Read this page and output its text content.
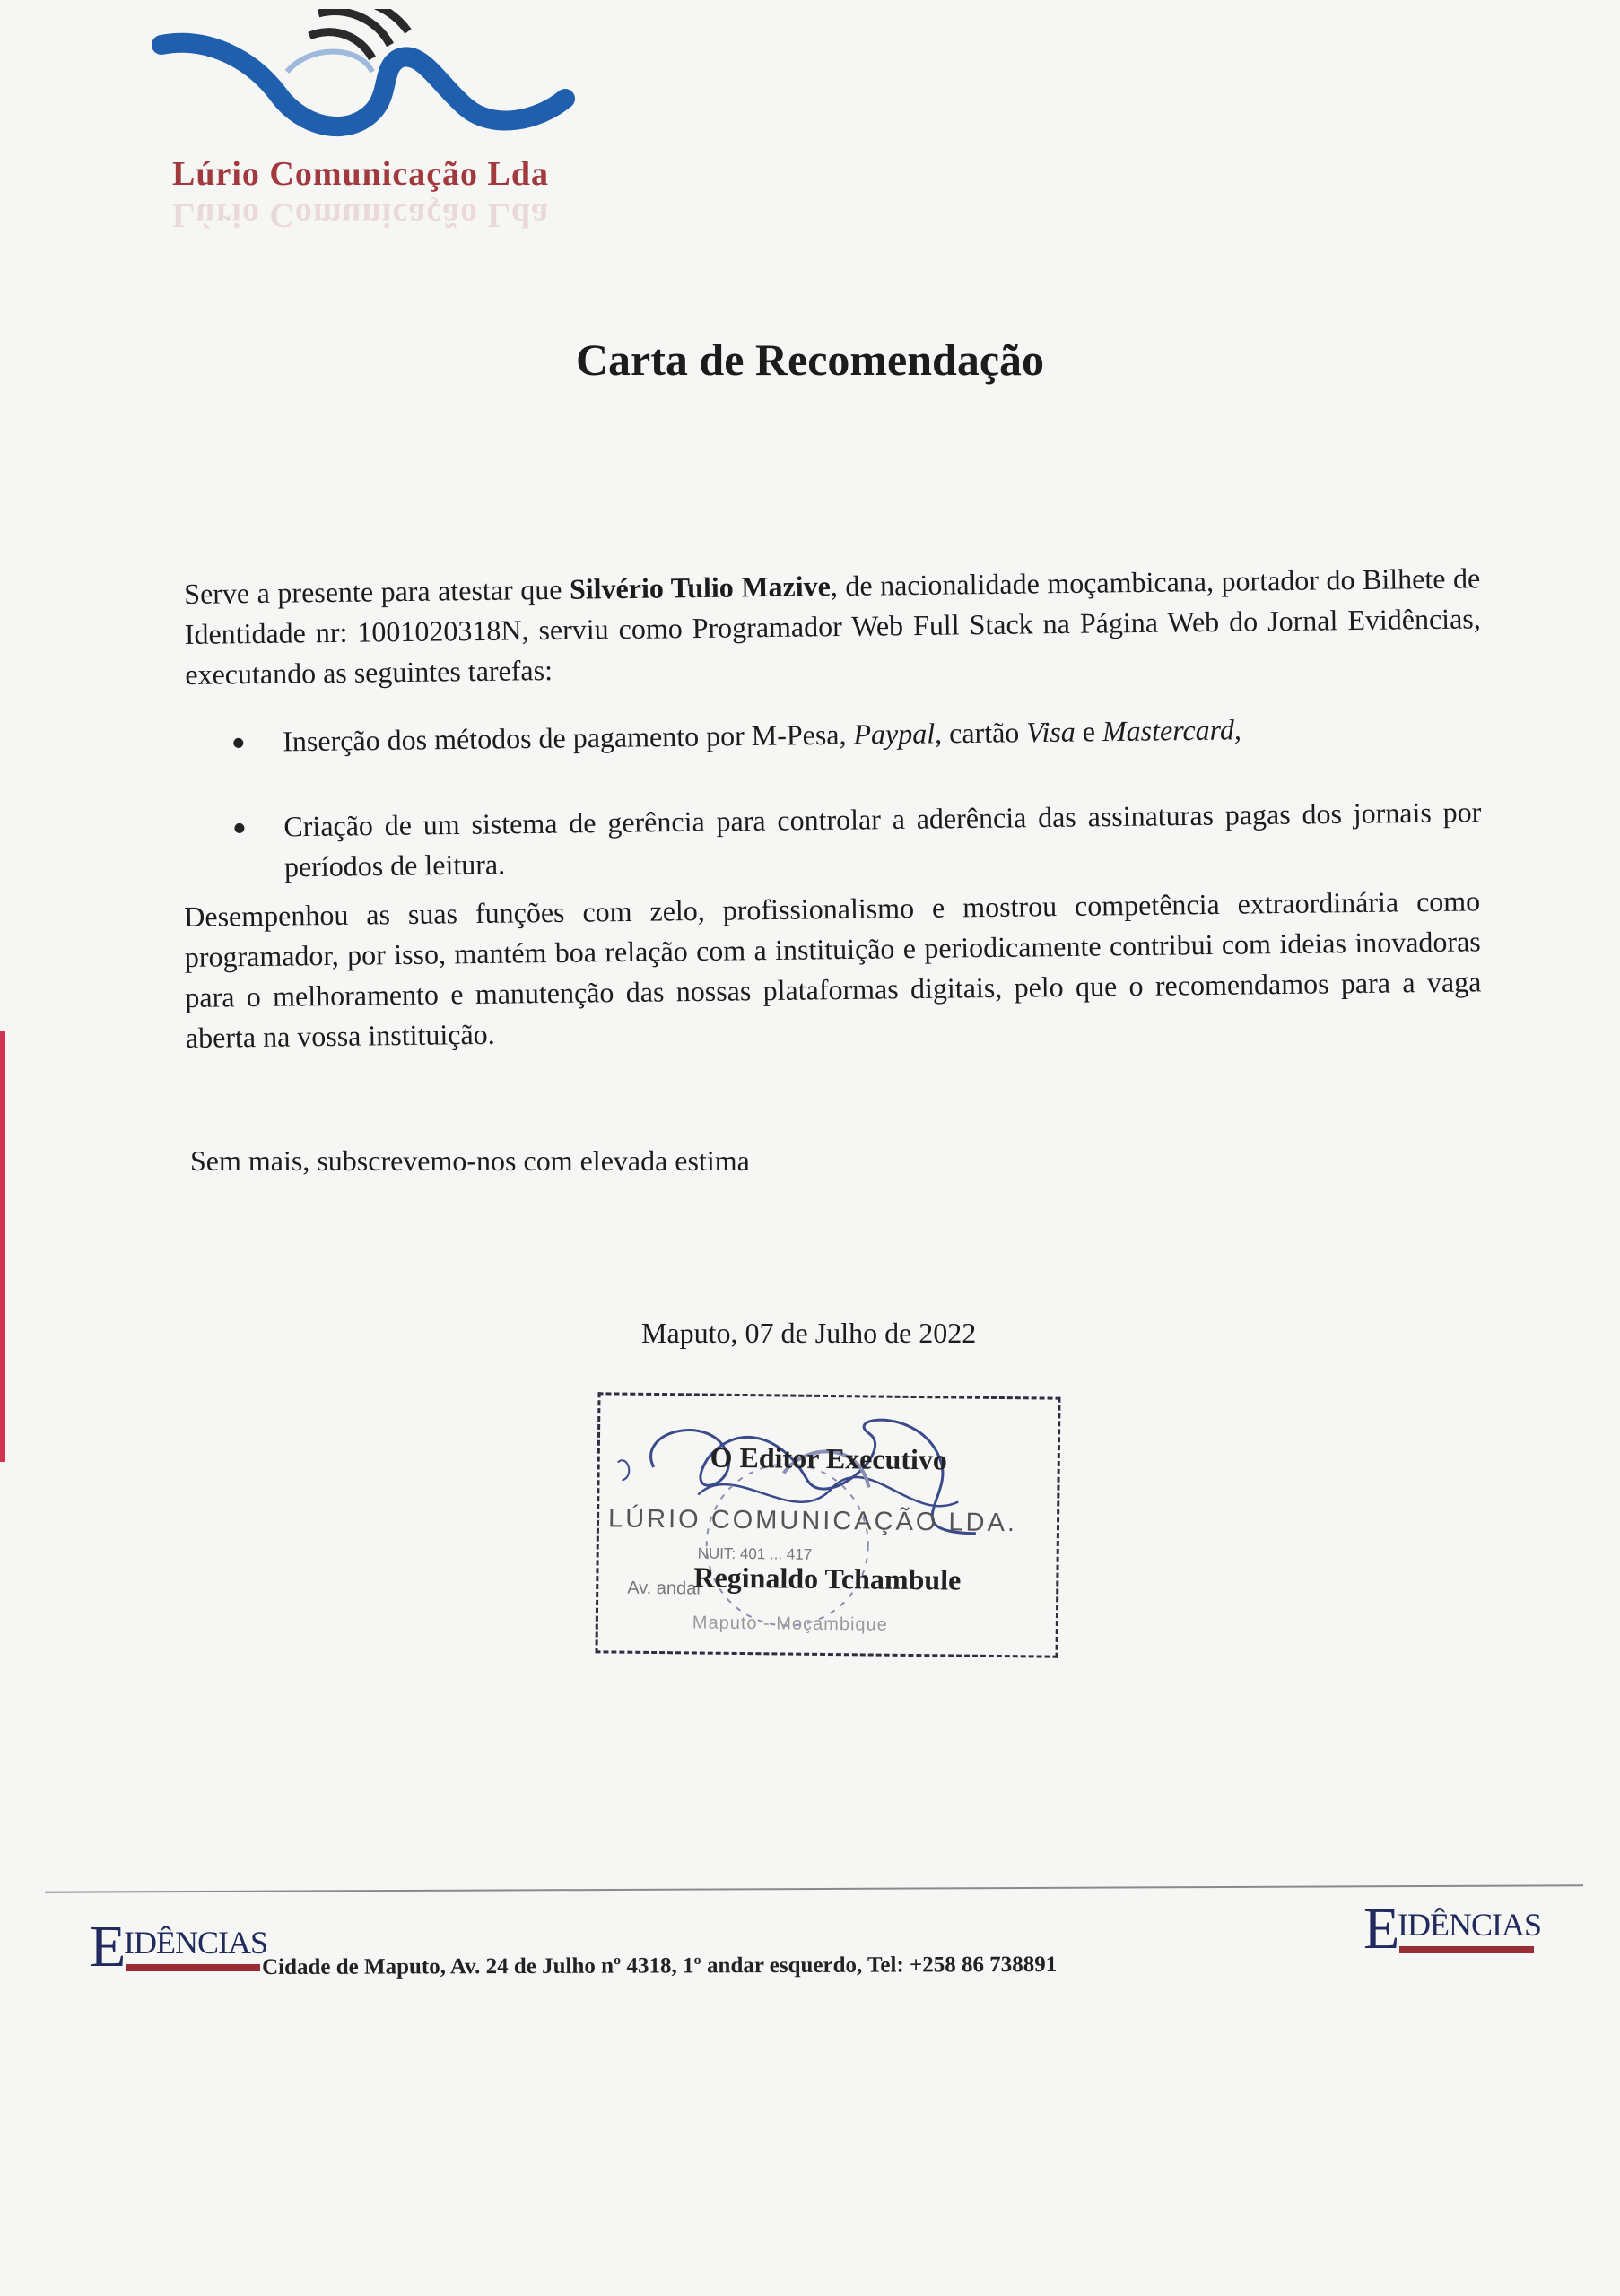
Lúrio Comunicação Lda
Lúrio Comunicação Lda
Carta de Recomendação

Serve a presente para atestar que Silvério Tulio Mazive, de nacionalidade moçambicana, portador do Bilhete de Identidade nr: 1001020318N, serviu como Programador Web Full Stack na Página Web do Jornal Evidências, executando as seguintes tarefas:

Inserção dos métodos de pagamento por M-Pesa, Paypal, cartão Visa e Mastercard,
Criação de um sistema de gerência para controlar a aderência das assinaturas pagas dos jornais por períodos de leitura.

Desempenhou as suas funções com zelo, profissionalismo e mostrou competência extraordinária como programador, por isso, mantém boa relação com a instituição e periodicamente contribui com ideias inovadoras para o melhoramento e manutenção das nossas plataformas digitais, pelo que o recomendamos para a vaga aberta na vossa instituição.

Sem mais, subscrevemo-nos com elevada estima
Maputo, 07 de Julho de 2022
O Editor Executivo
LÚRIO COMUNICAÇÃO LDA.
NUIT: 401 ... 417
Av. andar
Reginaldo Tchambule
Maputo - Moçambique
E
IDÊNCIAS
Cidade de Maputo, Av. 24 de Julho nº 4318, 1º andar esquerdo, Tel: +258 86 738891
E
IDÊNCIAS
